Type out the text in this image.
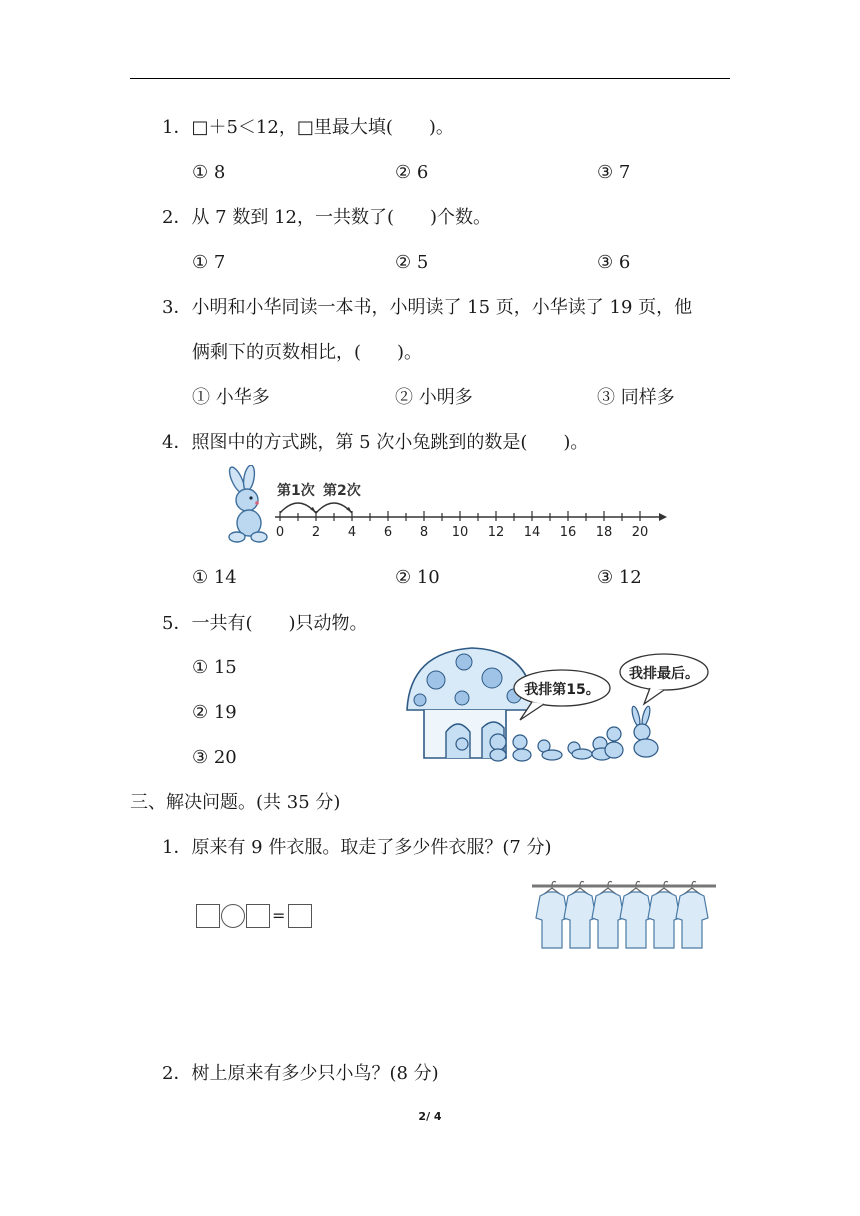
1．□＋5＜12，□里最大填(　　)。
① 8	② 6	③ 7
2．从 7 数到 12，一共数了(　　)个数。
① 7	② 5	③ 6
3．小明和小华同读一本书，小明读了 15 页，小华读了 19 页，他
俩剩下的页数相比，(　　)。
① 小华多	② 小明多	③ 同样多
4．照图中的方式跳，第 5 次小兔跳到的数是(　　)。
第1次 第2次
0 2 4 6 8 10 12 14 16 18 20
① 14	② 10	③ 12
5．一共有(　　)只动物。
① 15
② 19
③ 20
我排第15。
我排最后。
三、解决问题。(共 35 分)
1．原来有 9 件衣服。取走了多少件衣服？(7 分)
=
2．树上原来有多少只小鸟？(8 分)
2/ 4
